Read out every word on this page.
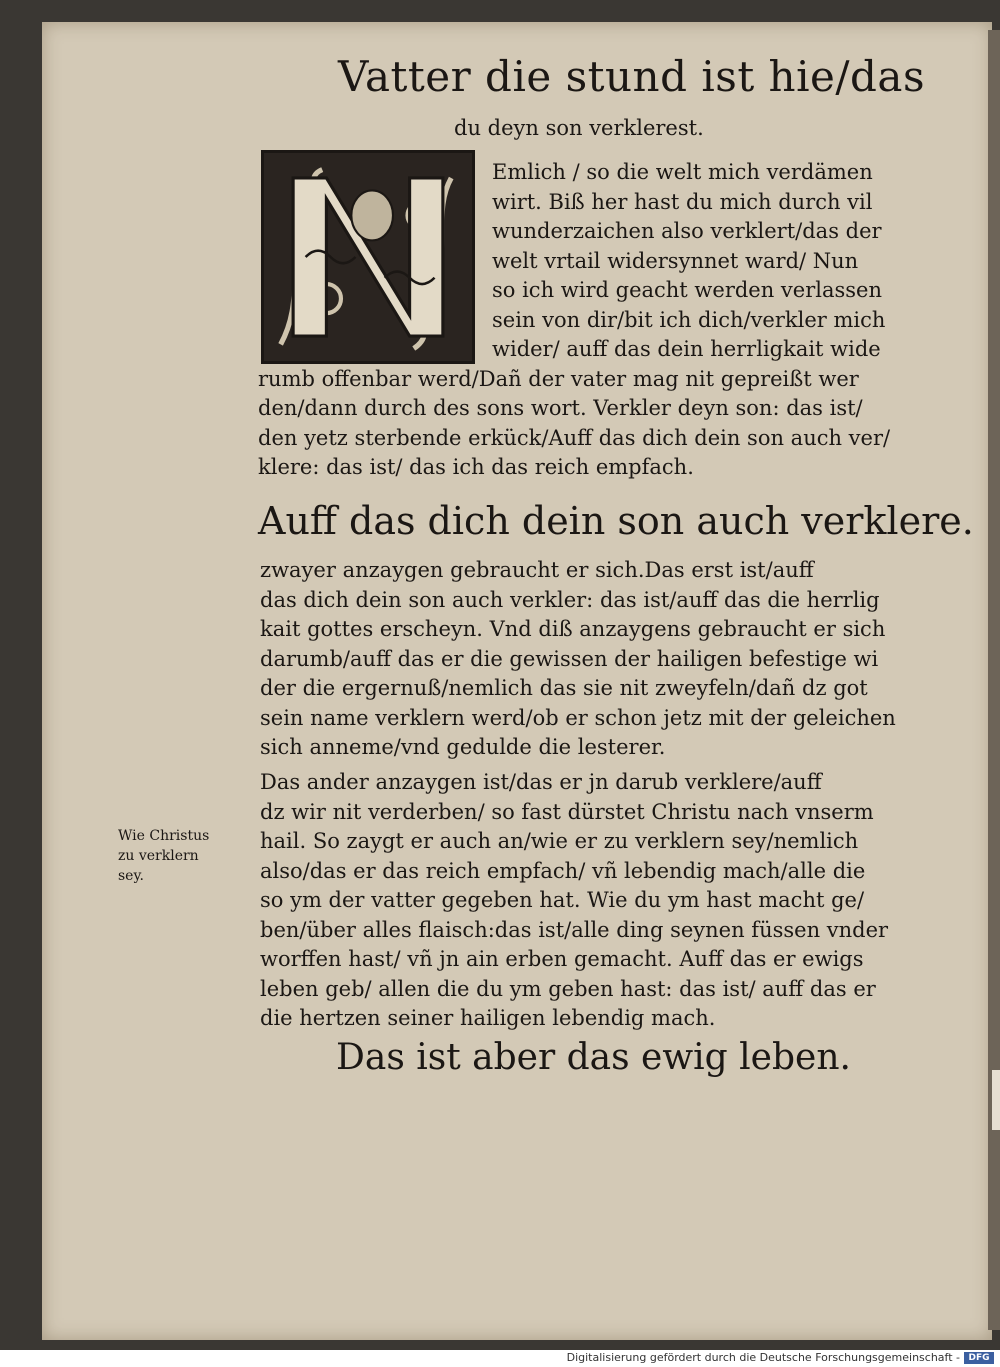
Vatter die stund ist hie/das
du deyn son verklerest.
Emlich / so die welt mich verdämen
wirt. Biß her hast du mich durch vil
wunderzaichen also verklert/das der
welt vrtail widersynnet ward/ Nun
so ich wird geacht werden verlassen
sein von dir/bit ich dich/verkler mich
wider/ auff das dein herrligkait wide
rumb offenbar werd/Dañ der vater mag nit gepreißt wer
den/dann durch des sons wort. Verkler deyn son: das ist/
den yetz sterbende erkück/Auff das dich dein son auch ver/
klere: das ist/ das ich das reich empfach.
Auff das dich dein son auch verklere.
zwayer anzaygen gebraucht er sich.Das erst ist/auff
das dich dein son auch verkler: das ist/auff das die herrlig
kait gottes erscheyn. Vnd diß anzaygens gebraucht er sich
darumb/auff das er die gewissen der hailigen befestige wi
der die ergernuß/nemlich das sie nit zweyfeln/dañ dz got
sein name verklern werd/ob er schon jetz mit der geleichen
sich anneme/vnd gedulde die lesterer.
Das ander anzaygen ist/das er jn darub verklere/auff
dz wir nit verderben/ so fast dürstet Christu nach vnserm
hail. So zaygt er auch an/wie er zu verklern sey/nemlich
also/das er das reich empfach/ vñ lebendig mach/alle die
so ym der vatter gegeben hat. Wie du ym hast macht ge/
ben/über alles flaisch:das ist/alle ding seynen füssen vnder
worffen hast/ vñ jn ain erben gemacht. Auff das er ewigs
leben geb/ allen die du ym geben hast: das ist/ auff das er
die hertzen seiner hailigen lebendig mach.
Wie Christus
zu verklern
sey.
Das ist aber das ewig leben.
Digitalisierung gefördert durch die Deutsche Forschungsgemeinschaft - DFG
